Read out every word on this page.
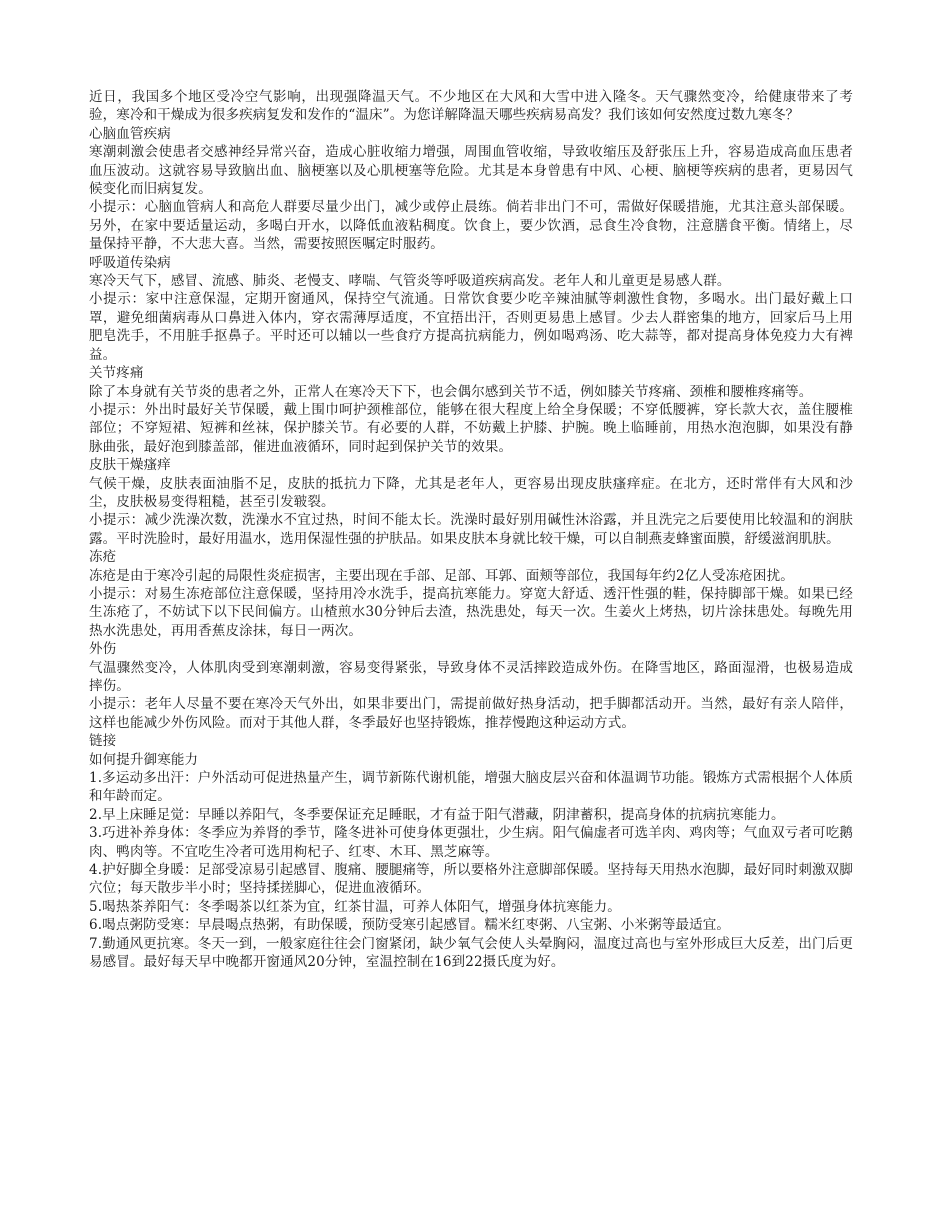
近日，我国多个地区受冷空气影响，出现强降温天气。不少地区在大风和大雪中进入隆冬。天气骤然变冷，给健康带来了考验，寒冷和干燥成为很多疾病复发和发作的“温床”。为您详解降温天哪些疾病易高发？我们该如何安然度过数九寒冬？

心脑血管疾病

寒潮刺激会使患者交感神经异常兴奋，造成心脏收缩力增强，周围血管收缩，导致收缩压及舒张压上升，容易造成高血压患者血压波动。这就容易导致脑出血、脑梗塞以及心肌梗塞等危险。尤其是本身曾患有中风、心梗、脑梗等疾病的患者，更易因气候变化而旧病复发。

小提示：心脑血管病人和高危人群要尽量少出门，减少或停止晨练。倘若非出门不可，需做好保暖措施，尤其注意头部保暖。另外，在家中要适量运动，多喝白开水，以降低血液粘稠度。饮食上，要少饮酒，忌食生冷食物，注意膳食平衡。情绪上，尽量保持平静，不大悲大喜。当然，需要按照医嘱定时服药。

呼吸道传染病

寒冷天气下，感冒、流感、肺炎、老慢支、哮喘、气管炎等呼吸道疾病高发。老年人和儿童更是易感人群。

小提示：家中注意保湿，定期开窗通风，保持空气流通。日常饮食要少吃辛辣油腻等刺激性食物，多喝水。出门最好戴上口罩，避免细菌病毒从口鼻进入体内，穿衣需薄厚适度，不宜捂出汗，否则更易患上感冒。少去人群密集的地方，回家后马上用肥皂洗手，不用脏手抠鼻子。平时还可以辅以一些食疗方提高抗病能力，例如喝鸡汤、吃大蒜等，都对提高身体免疫力大有裨益。

关节疼痛

除了本身就有关节炎的患者之外，正常人在寒冷天下下，也会偶尔感到关节不适，例如膝关节疼痛、颈椎和腰椎疼痛等。

小提示：外出时最好关节保暖，戴上围巾呵护颈椎部位，能够在很大程度上给全身保暖；不穿低腰裤，穿长款大衣，盖住腰椎部位；不穿短裙、短裤和丝袜，保护膝关节。有必要的人群，不妨戴上护膝、护腕。晚上临睡前，用热水泡泡脚，如果没有静脉曲张，最好泡到膝盖部，催进血液循环，同时起到保护关节的效果。

皮肤干燥瘙痒

气候干燥，皮肤表面油脂不足，皮肤的抵抗力下降，尤其是老年人，更容易出现皮肤瘙痒症。在北方，还时常伴有大风和沙尘，皮肤极易变得粗糙，甚至引发皲裂。

小提示：减少洗澡次数，洗澡水不宜过热，时间不能太长。洗澡时最好别用碱性沐浴露，并且洗完之后要使用比较温和的润肤露。平时洗脸时，最好用温水，选用保湿性强的护肤品。如果皮肤本身就比较干燥，可以自制燕麦蜂蜜面膜，舒缓滋润肌肤。

冻疮

冻疮是由于寒冷引起的局限性炎症损害，主要出现在手部、足部、耳郭、面颊等部位，我国每年约2亿人受冻疮困扰。

小提示：对易生冻疮部位注意保暖，坚持用冷水洗手，提高抗寒能力。穿宽大舒适、透汗性强的鞋，保持脚部干燥。如果已经生冻疮了，不妨试下以下民间偏方。山楂煎水30分钟后去渣，热洗患处，每天一次。生姜火上烤热，切片涂抹患处。每晚先用热水洗患处，再用香蕉皮涂抹，每日一两次。

外伤

气温骤然变冷，人体肌肉受到寒潮刺激，容易变得紧张，导致身体不灵活摔跤造成外伤。在降雪地区，路面湿滑，也极易造成摔伤。

小提示：老年人尽量不要在寒冷天气外出，如果非要出门，需提前做好热身活动，把手脚都活动开。当然，最好有亲人陪伴，这样也能减少外伤风险。而对于其他人群，冬季最好也坚持锻炼，推荐慢跑这种运动方式。

链接

如何提升御寒能力

1.多运动多出汗：户外活动可促进热量产生，调节新陈代谢机能，增强大脑皮层兴奋和体温调节功能。锻炼方式需根据个人体质和年龄而定。

2.早上床睡足觉：早睡以养阳气，冬季要保证充足睡眠，才有益于阳气潜藏，阴津蓄积，提高身体的抗病抗寒能力。

3.巧进补养身体：冬季应为养肾的季节，隆冬进补可使身体更强壮，少生病。阳气偏虚者可选羊肉、鸡肉等；气血双亏者可吃鹅肉、鸭肉等。不宜吃生冷者可选用枸杞子、红枣、木耳、黑芝麻等。

4.护好脚全身暖：足部受凉易引起感冒、腹痛、腰腿痛等，所以要格外注意脚部保暖。坚持每天用热水泡脚，最好同时刺激双脚穴位；每天散步半小时；坚持揉搓脚心，促进血液循环。

5.喝热茶养阳气：冬季喝茶以红茶为宜，红茶甘温，可养人体阳气，增强身体抗寒能力。

6.喝点粥防受寒：早晨喝点热粥，有助保暖，预防受寒引起感冒。糯米红枣粥、八宝粥、小米粥等最适宜。

7.勤通风更抗寒。冬天一到，一般家庭往往会门窗紧闭，缺少氧气会使人头晕胸闷，温度过高也与室外形成巨大反差，出门后更易感冒。最好每天早中晚都开窗通风20分钟，室温控制在16到22摄氏度为好。
